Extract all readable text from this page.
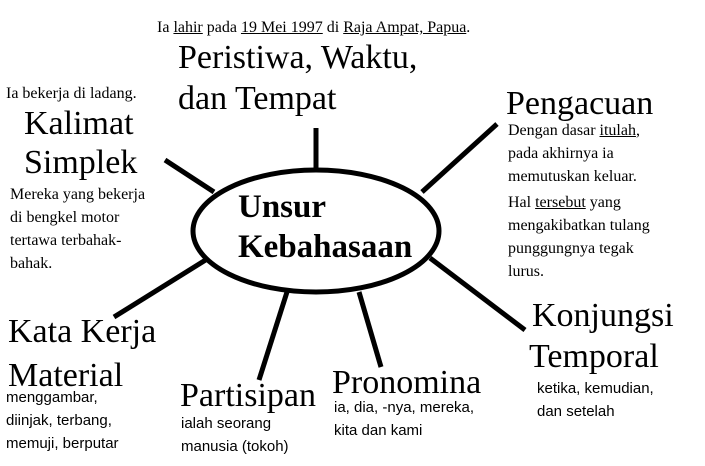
Unsur
Kebahasaan
Ia lahir pada 19 Mei 1997 di Raja Ampat, Papua.
Peristiwa, Waktu,
dan Tempat
Ia bekerja di ladang.
Kalimat
Simplek
Mereka yang bekerja
di bengkel motor
tertawa terbahak-
bahak.
Pengacuan
Dengan dasar itulah,
pada akhirnya ia
memutuskan keluar.
Hal tersebut yang
mengakibatkan tulang
punggungnya tegak
lurus.
Kata Kerja
Material
menggambar,
diinjak, terbang,
memuji, berputar
Partisipan
ialah seorang
manusia (tokoh)
Pronomina
ia, dia, -nya, mereka,
kita dan kami
Konjungsi
Temporal
ketika, kemudian,
dan setelah
